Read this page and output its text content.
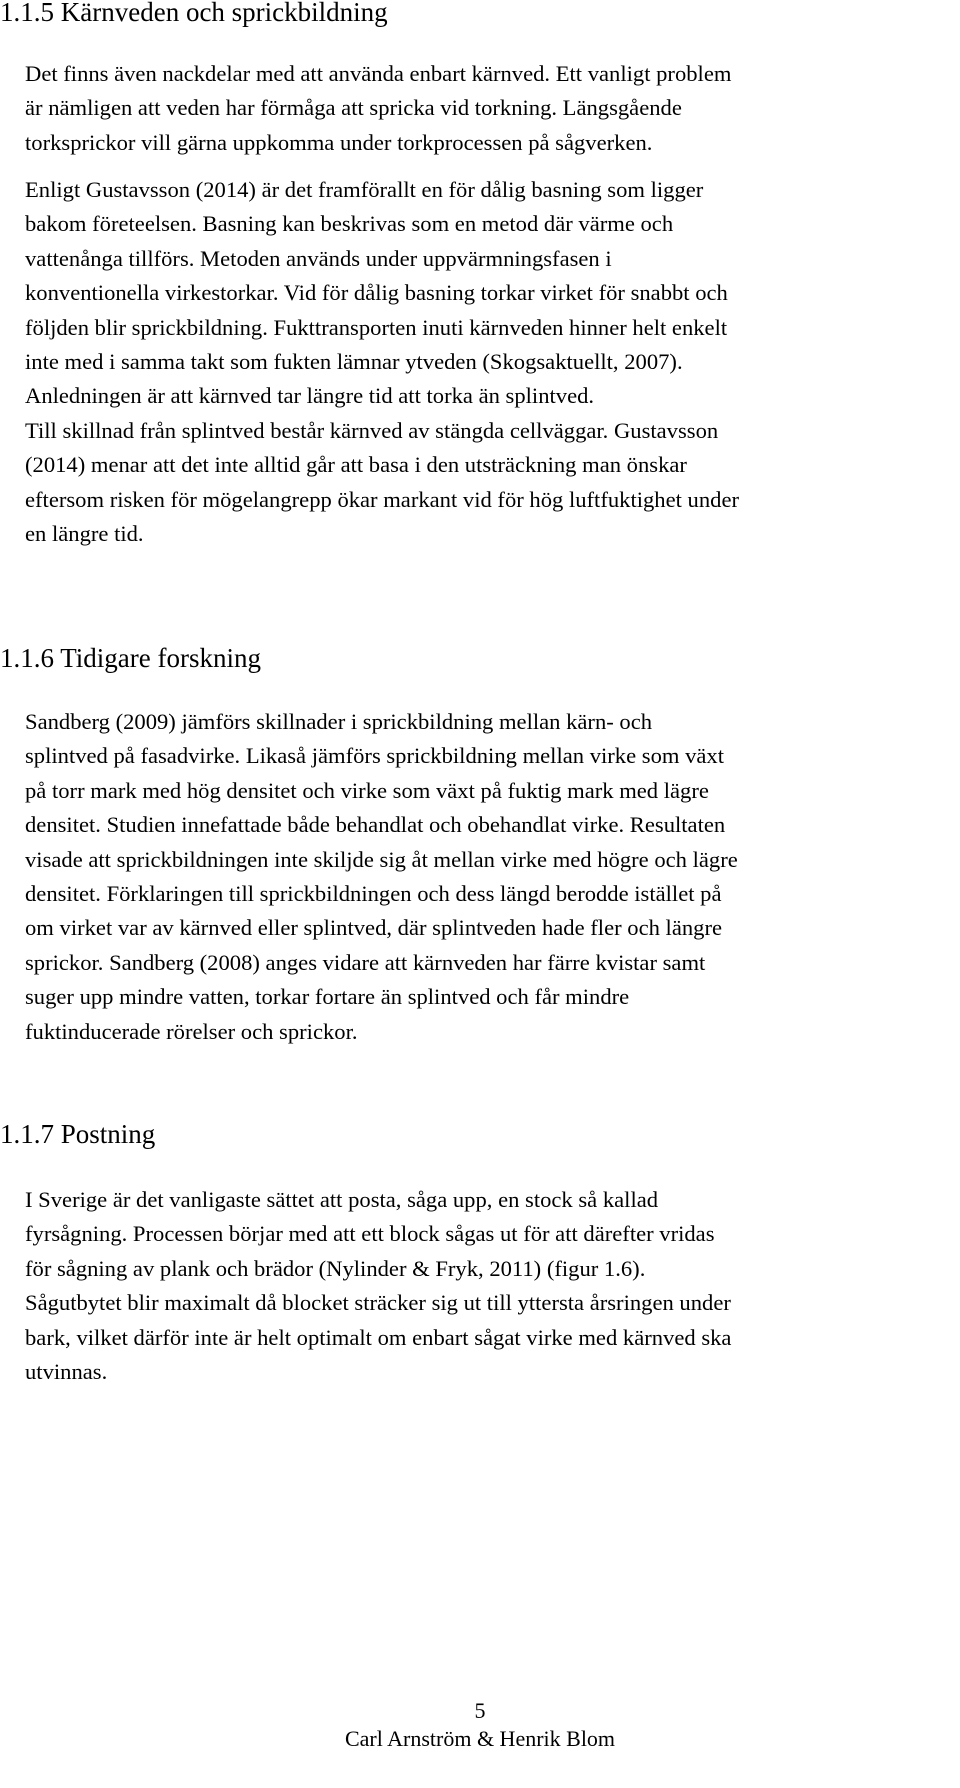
1.1.5 Kärnveden och sprickbildning

Det finns även nackdelar med att använda enbart kärnved. Ett vanligt problem
är nämligen att veden har förmåga att spricka vid torkning. Längsgående
torksprickor vill gärna uppkomma under torkprocessen på sågverken.

Enligt Gustavsson (2014) är det framförallt en för dålig basning som ligger
bakom företeelsen. Basning kan beskrivas som en metod där värme och
vattenånga tillförs. Metoden används under uppvärmningsfasen i
konventionella virkestorkar. Vid för dålig basning torkar virket för snabbt och
följden blir sprickbildning. Fukttransporten inuti kärnveden hinner helt enkelt
inte med i samma takt som fukten lämnar ytveden (Skogsaktuellt, 2007).
Anledningen är att kärnved tar längre tid att torka än splintved.
Till skillnad från splintved består kärnved av stängda cellväggar. Gustavsson
(2014) menar att det inte alltid går att basa i den utsträckning man önskar
eftersom risken för mögelangrepp ökar markant vid för hög luftfuktighet under
en längre tid.

1.1.6 Tidigare forskning

Sandberg (2009) jämförs skillnader i sprickbildning mellan kärn- och
splintved på fasadvirke. Likaså jämförs sprickbildning mellan virke som växt
på torr mark med hög densitet och virke som växt på fuktig mark med lägre
densitet. Studien innefattade både behandlat och obehandlat virke. Resultaten
visade att sprickbildningen inte skiljde sig åt mellan virke med högre och lägre
densitet. Förklaringen till sprickbildningen och dess längd berodde istället på
om virket var av kärnved eller splintved, där splintveden hade fler och längre
sprickor. Sandberg (2008) anges vidare att kärnveden har färre kvistar samt
suger upp mindre vatten, torkar fortare än splintved och får mindre
fuktinducerade rörelser och sprickor.

1.1.7 Postning

I Sverige är det vanligaste sättet att posta, såga upp, en stock så kallad
fyrsågning. Processen börjar med att ett block sågas ut för att därefter vridas
för sågning av plank och brädor (Nylinder & Fryk, 2011) (figur 1.6).
Sågutbytet blir maximalt då blocket sträcker sig ut till yttersta årsringen under
bark, vilket därför inte är helt optimalt om enbart sågat virke med kärnved ska
utvinnas.

5
Carl Arnström & Henrik Blom
